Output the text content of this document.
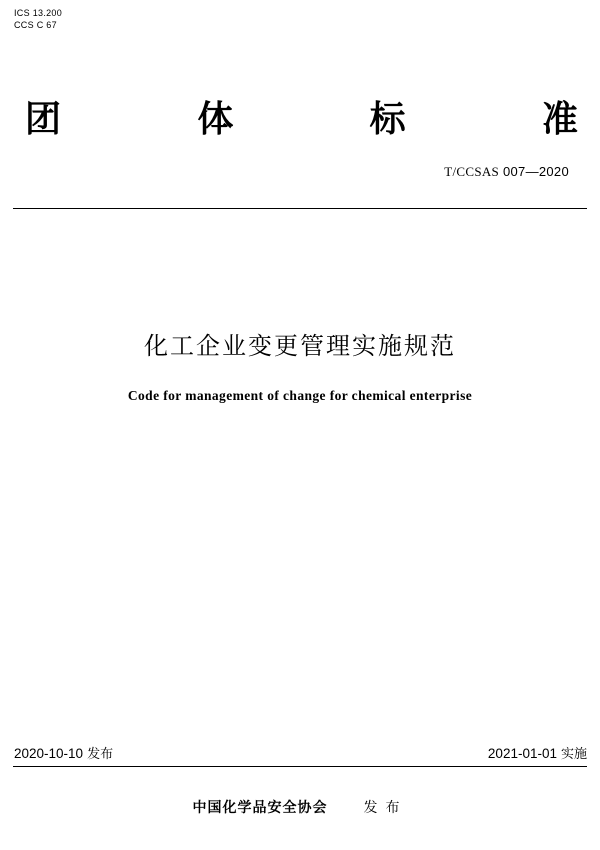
ICS 13.200
CCS C 67
团	体	标	准
T/CCSAS 007—2020
化工企业变更管理实施规范
Code for management of change for chemical enterprise
2020-10-10 发布	2021-01-01 实施
中国化学品安全协会	发布
